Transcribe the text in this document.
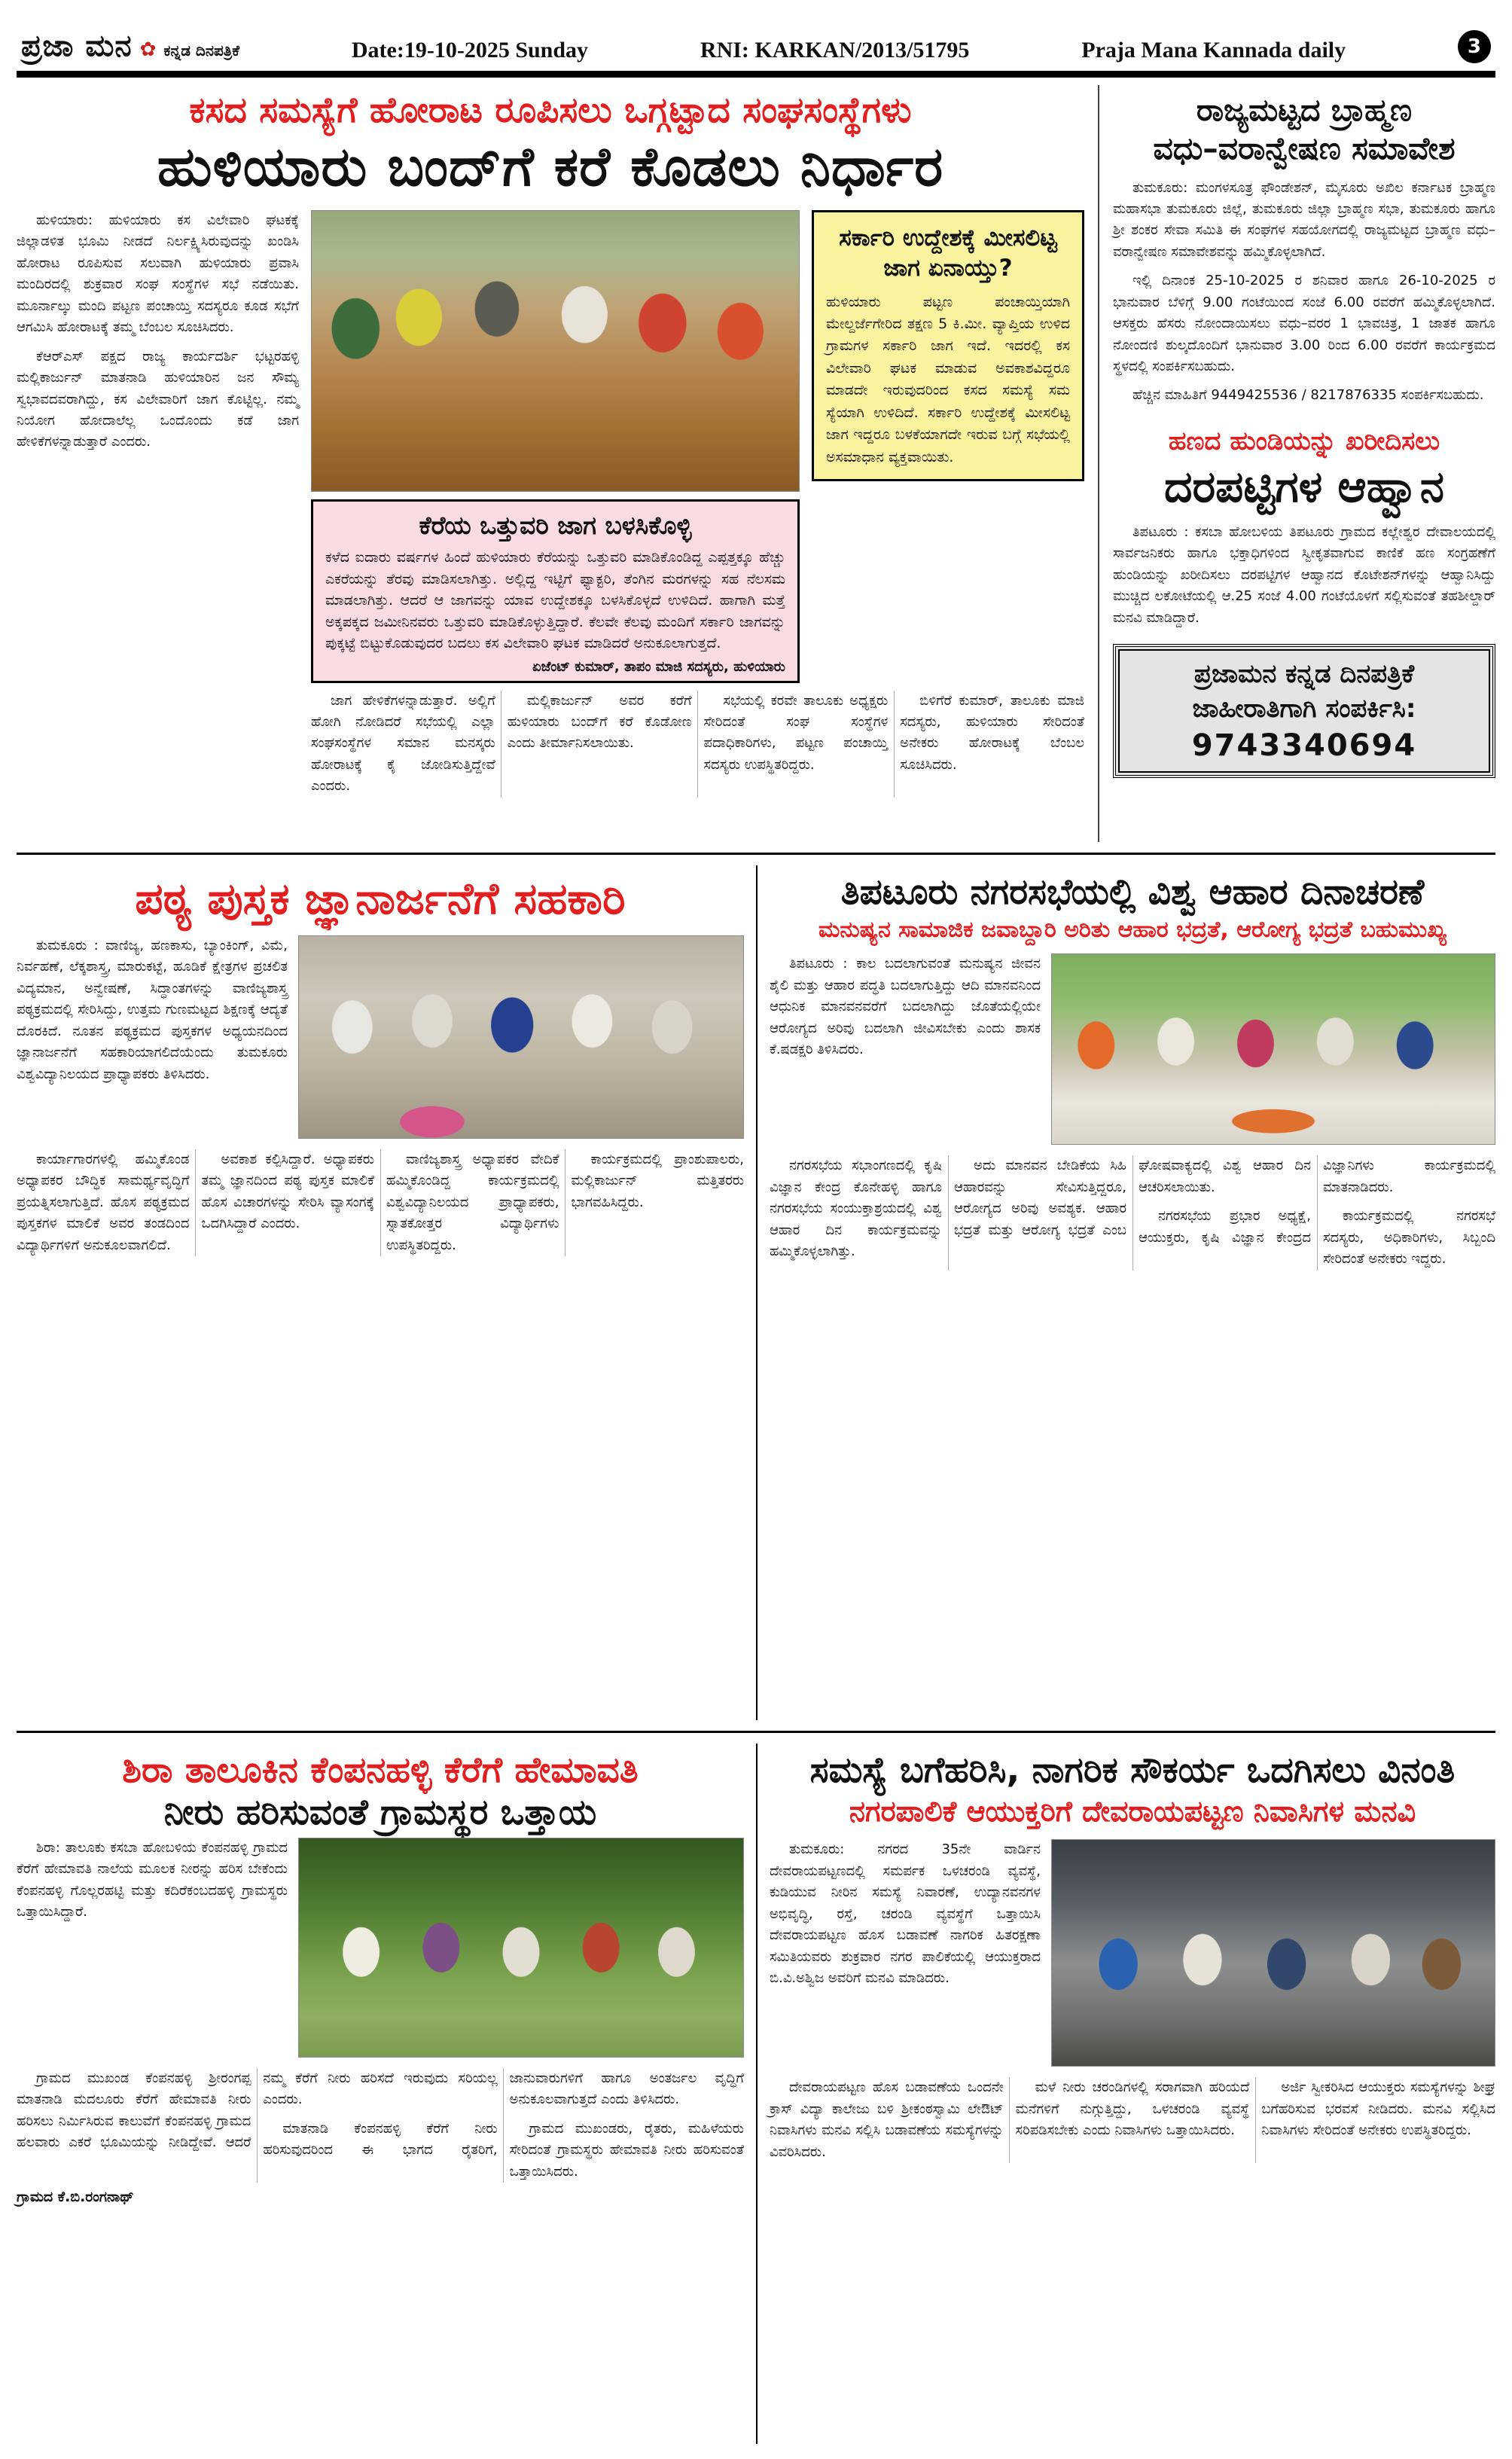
ಪ್ರಜಾ ಮನ ✿ ಕನ್ನಡ ದಿನಪತ್ರಿಕೆ	Date:19-10-2025 Sunday	RNI: KARKAN/2013/51795	Praja Mana Kannada daily	3
ಕಸದ ಸಮಸ್ಯೆಗೆ ಹೋರಾಟ ರೂಪಿಸಲು ಒಗ್ಗಟ್ಟಾದ ಸಂಘಸಂಸ್ಥೆಗಳು
ಹುಳಿಯಾರು ಬಂದ್‌ಗೆ ಕರೆ ಕೊಡಲು ನಿರ್ಧಾರ

ಹುಳಿಯಾರು: ಹುಳಿಯಾರು ಕಸ ವಿಲೇವಾರಿ ಘಟಕಕ್ಕೆ ಜಿಲ್ಲಾಡಳಿತ ಭೂಮಿ ನೀಡದೆ ನಿರ್ಲಕ್ಷ್ಯಿಸಿರುವುದನ್ನು ಖಂಡಿಸಿ ಹೋರಾಟ ರೂಪಿಸುವ ಸಲುವಾಗಿ ಹುಳಿಯಾರು ಪ್ರವಾಸಿ ಮಂದಿರದಲ್ಲಿ ಶುಕ್ರವಾರ ಸಂಘ ಸಂಸ್ಥೆಗಳ ಸಭೆ ನಡೆಯಿತು. ಮೂರ್ನಾಲ್ಕು ಮಂದಿ ಪಟ್ಟಣ ಪಂಚಾಯ್ತಿ ಸದಸ್ಯರೂ ಕೂಡ ಸಭೆಗೆ ಆಗಮಿಸಿ ಹೋರಾಟಕ್ಕೆ ತಮ್ಮ ಬೆಂಬಲ ಸೂಚಿಸಿದರು.

ಕೆಆರ್‌ಎಸ್ ಪಕ್ಷದ ರಾಜ್ಯ ಕಾರ್ಯದರ್ಶಿ ಭಟ್ಟರಹಳ್ಳಿ ಮಲ್ಲಿಕಾರ್ಜುನ್ ಮಾತನಾಡಿ ಹುಳಿಯಾರಿನ ಜನ ಸೌಮ್ಯ ಸ್ವಭಾವದವರಾಗಿದ್ದು, ಕಸ ವಿಲೇವಾರಿಗೆ ಜಾಗ ಕೊಟ್ಟಿಲ್ಲ. ನಮ್ಮ ನಿಯೋಗ ಹೋದಾಲೆಲ್ಲ ಒಂದೊಂದು ಕಡೆ ಜಾಗ ಹೇಳಿಕೆಗಳನ್ನಾಡುತ್ತಾರೆ ಎಂದರು.

ಕೆರೆಯ ಒತ್ತುವರಿ ಜಾಗ ಬಳಸಿಕೊಳ್ಳಿ

ಕಳೆದ ಐದಾರು ವರ್ಷಗಳ ಹಿಂದೆ ಹುಳಿಯಾರು ಕೆರೆಯನ್ನು ಒತ್ತುವರಿ ಮಾಡಿಕೊಂಡಿದ್ದ ಎಪ್ಪತ್ತಕ್ಕೂ ಹೆಚ್ಚು ಎಕರೆಯನ್ನು ತೆರವು ಮಾಡಿಸಲಾಗಿತ್ತು. ಅಲ್ಲಿದ್ದ ಇಟ್ಟಿಗೆ ಫ್ಯಾಕ್ಟರಿ, ತೆಂಗಿನ ಮರಗಳನ್ನು ಸಹ ನೆಲಸಮ ಮಾಡಲಾಗಿತ್ತು. ಆದರೆ ಆ ಜಾಗವನ್ನು ಯಾವ ಉದ್ದೇಶಕ್ಕೂ ಬಳಸಿಕೊಳ್ಳದೆ ಉಳಿದಿದೆ. ಹಾಗಾಗಿ ಮತ್ತೆ ಅಕ್ಕಪಕ್ಕದ ಜಮೀನಿನವರು ಒತ್ತುವರಿ ಮಾಡಿಕೊಳ್ಳುತ್ತಿದ್ದಾರೆ. ಕೆಲವೇ ಕೆಲವು ಮಂದಿಗೆ ಸರ್ಕಾರಿ ಜಾಗವನ್ನು ಪುಕ್ಕಟ್ಟೆ ಬಿಟ್ಟುಕೊಡುವುದರ ಬದಲು ಕಸ ವಿಲೇವಾರಿ ಘಟಕ ಮಾಡಿದರೆ ಅನುಕೂಲಾಗುತ್ತದೆ.

ಏಜೆಂಟ್ ಕುಮಾರ್, ತಾಪಂ ಮಾಜಿ ಸದಸ್ಯರು, ಹುಳಿಯಾರು
ಸರ್ಕಾರಿ ಉದ್ದೇಶಕ್ಕೆ ಮೀಸಲಿಟ್ಟ ಜಾಗ ಏನಾಯ್ತು?

ಹುಳಿಯಾರು ಪಟ್ಟಣ ಪಂಚಾಯ್ತಿಯಾಗಿ ಮೇಲ್ದರ್ಜೆಗೇರಿದ ತಕ್ಷಣ 5 ಕಿ.ಮೀ. ವ್ಯಾಪ್ತಿಯ ಉಳಿದ ಗ್ರಾಮಗಳ ಸರ್ಕಾರಿ ಜಾಗ ಇದೆ. ಇದರಲ್ಲಿ ಕಸ ವಿಲೇವಾರಿ ಘಟಕ ಮಾಡುವ ಅವಕಾಶವಿದ್ದರೂ ಮಾಡದೇ ಇರುವುದರಿಂದ ಕಸದ ಸಮಸ್ಯೆ ಸಮ ಸ್ಯೆಯಾಗಿ ಉಳಿದಿದೆ. ಸರ್ಕಾರಿ ಉದ್ದೇಶಕ್ಕೆ ಮೀಸಲಿಟ್ಟ ಜಾಗ ಇದ್ದರೂ ಬಳಕೆಯಾಗದೇ ಇರುವ ಬಗ್ಗೆ ಸಭೆಯಲ್ಲಿ ಅಸಮಾಧಾನ ವ್ಯಕ್ತವಾಯಿತು.

ಜಾಗ ಹೇಳಿಕೆಗಳನ್ನಾಡುತ್ತಾರೆ. ಅಲ್ಲಿಗೆ ಹೋಗಿ ನೋಡಿದರೆ ಸಭೆಯಲ್ಲಿ ಎಲ್ಲಾ ಸಂಘಸಂಸ್ಥೆಗಳ ಸಮಾನ ಮನಸ್ಕರು ಹೋರಾಟಕ್ಕೆ ಕೈ ಜೋಡಿಸುತ್ತಿದ್ದೇವೆ ಎಂದರು.

ಮಲ್ಲಿಕಾರ್ಜುನ್ ಅವರ ಕರೆಗೆ ಹುಳಿಯಾರು ಬಂದ್‌ಗೆ ಕರೆ ಕೊಡೋಣ ಎಂದು ತೀರ್ಮಾನಿಸಲಾಯಿತು.

ಸಭೆಯಲ್ಲಿ ಕರವೇ ತಾಲೂಕು ಅಧ್ಯಕ್ಷರು ಸೇರಿದಂತೆ ಸಂಘ ಸಂಸ್ಥೆಗಳ ಪದಾಧಿಕಾರಿಗಳು, ಪಟ್ಟಣ ಪಂಚಾಯ್ತಿ ಸದಸ್ಯರು ಉಪಸ್ಥಿತರಿದ್ದರು.

ಬಿಳಿಗೆರೆ ಕುಮಾರ್, ತಾಲೂಕು ಮಾಜಿ ಸದಸ್ಯರು, ಹುಳಿಯಾರು ಸೇರಿದಂತೆ ಅನೇಕರು ಹೋರಾಟಕ್ಕೆ ಬೆಂಬಲ ಸೂಚಿಸಿದರು.

ರಾಜ್ಯಮಟ್ಟದ ಬ್ರಾಹ್ಮಣ
ವಧು–ವರಾನ್ವೇಷಣ ಸಮಾವೇಶ

ತುಮಕೂರು: ಮಂಗಳಸೂತ್ರ ಫೌಂಡೇಶನ್, ಮೈಸೂರು ಅಖಿಲ ಕರ್ನಾಟಕ ಬ್ರಾಹ್ಮಣ ಮಹಾಸಭಾ ತುಮಕೂರು ಜಿಲ್ಲೆ, ತುಮಕೂರು ಜಿಲ್ಲಾ ಬ್ರಾಹ್ಮಣ ಸಭಾ, ತುಮಕೂರು ಹಾಗೂ ಶ್ರೀ ಶಂಕರ ಸೇವಾ ಸಮಿತಿ ಈ ಸಂಘಗಳ ಸಹಯೋಗದಲ್ಲಿ ರಾಜ್ಯಮಟ್ಟದ ಬ್ರಾಹ್ಮಣ ವಧು–ವರಾನ್ವೇಷಣ ಸಮಾವೇಶವನ್ನು ಹಮ್ಮಿಕೊಳ್ಳಲಾಗಿದೆ.

ಇಲ್ಲಿ ದಿನಾಂಕ 25-10-2025 ರ ಶನಿವಾರ ಹಾಗೂ 26-10-2025 ರ ಭಾನುವಾರ ಬೆಳಿಗ್ಗೆ 9.00 ಗಂಟೆಯಿಂದ ಸಂಜೆ 6.00 ರವರೆಗೆ ಹಮ್ಮಿಕೊಳ್ಳಲಾಗಿದೆ. ಆಸಕ್ತರು ಹೆಸರು ನೋಂದಾಯಿಸಲು ವಧು–ವರರ 1 ಭಾವಚಿತ್ರ, 1 ಜಾತಕ ಹಾಗೂ ನೋಂದಣಿ ಶುಲ್ಕದೊಂದಿಗೆ ಭಾನುವಾರ 3.00 ರಿಂದ 6.00 ರವರೆಗೆ ಕಾರ್ಯಕ್ರಮದ ಸ್ಥಳದಲ್ಲಿ ಸಂಪರ್ಕಿಸಬಹುದು.

ಹೆಚ್ಚಿನ ಮಾಹಿತಿಗೆ 9449425536 / 8217876335 ಸಂಪರ್ಕಿಸಬಹುದು.

ಹಣದ ಹುಂಡಿಯನ್ನು ಖರೀದಿಸಲು
ದರಪಟ್ಟಿಗಳ ಆಹ್ವಾನ

ತಿಪಟೂರು : ಕಸಬಾ ಹೋಬಳಿಯ ತಿಪಟೂರು ಗ್ರಾಮದ ಕಲ್ಲೇಶ್ವರ ದೇವಾಲಯದಲ್ಲಿ ಸಾರ್ವಜನಿಕರು ಹಾಗೂ ಭಕ್ತಾಧಿಗಳಿಂದ ಸ್ವೀಕೃತವಾಗುವ ಕಾಣಿಕೆ ಹಣ ಸಂಗ್ರಹಣೆಗೆ ಹುಂಡಿಯನ್ನು ಖರೀದಿಸಲು ದರಪಟ್ಟಿಗಳ ಆಹ್ವಾನದ ಕೊಟೇಶನ್‌ಗಳನ್ನು ಆಹ್ವಾನಿಸಿದ್ದು ಮುಚ್ಚಿದ ಲಕೋಟೆಯಲ್ಲಿ ಆ.25 ಸಂಜೆ 4.00 ಗಂಟೆಯೊಳಗೆ ಸಲ್ಲಿಸುವಂತೆ ತಹಶೀಲ್ದಾರ್ ಮನವಿ ಮಾಡಿದ್ದಾರೆ.

ಪ್ರಜಾಮನ ಕನ್ನಡ ದಿನಪತ್ರಿಕೆ

ಜಾಹೀರಾತಿಗಾಗಿ ಸಂಪರ್ಕಿಸಿ:

9743340694

ಪಠ್ಯ ಪುಸ್ತಕ ಜ್ಞಾನಾರ್ಜನೆಗೆ ಸಹಕಾರಿ

ತುಮಕೂರು : ವಾಣಿಜ್ಯ, ಹಣಕಾಸು, ಬ್ಯಾಂಕಿಂಗ್, ವಿಮೆ, ನಿರ್ವಹಣೆ, ಲೆಕ್ಕಶಾಸ್ತ್ರ, ಮಾರುಕಟ್ಟೆ, ಹೂಡಿಕೆ ಕ್ಷೇತ್ರಗಳ ಪ್ರಚಲಿತ ವಿದ್ಯಮಾನ, ಅನ್ವೇಷಣೆ, ಸಿದ್ಧಾಂತಗಳನ್ನು ವಾಣಿಜ್ಯಶಾಸ್ತ್ರ ಪಠ್ಯಕ್ರಮದಲ್ಲಿ ಸೇರಿಸಿದ್ದು, ಉತ್ತಮ ಗುಣಮಟ್ಟದ ಶಿಕ್ಷಣಕ್ಕೆ ಆದ್ಯತೆ ದೊರಕಿದೆ. ನೂತನ ಪಠ್ಯಕ್ರಮದ ಪುಸ್ತಕಗಳ ಅಧ್ಯಯನದಿಂದ ಜ್ಞಾನಾರ್ಜನೆಗೆ ಸಹಕಾರಿಯಾಗಲಿದೆಯೆಂದು ತುಮಕೂರು ವಿಶ್ವವಿದ್ಯಾನಿಲಯದ ಪ್ರಾಧ್ಯಾಪಕರು ತಿಳಿಸಿದರು.

ಕಾರ್ಯಾಗಾರಗಳಲ್ಲಿ ಹಮ್ಮಿಕೊಂಡ ಅಧ್ಯಾಪಕರ ಬೌದ್ಧಿಕ ಸಾಮರ್ಥ್ಯವೃದ್ಧಿಗೆ ಪ್ರಯತ್ನಿಸಲಾಗುತ್ತಿದೆ. ಹೊಸ ಪಠ್ಯಕ್ರಮದ ಪುಸ್ತಕಗಳ ಮಾಲಿಕೆ ಅವರ ತಂಡದಿಂದ ವಿದ್ಯಾರ್ಥಿಗಳಿಗೆ ಅನುಕೂಲವಾಗಲಿದೆ.

ಅವಕಾಶ ಕಲ್ಪಿಸಿದ್ದಾರೆ. ಅಧ್ಯಾಪಕರು ತಮ್ಮ ಜ್ಞಾನದಿಂದ ಪಠ್ಯ ಪುಸ್ತಕ ಮಾಲಿಕೆ ಹೊಸ ವಿಚಾರಗಳನ್ನು ಸೇರಿಸಿ ವ್ಯಾಸಂಗಕ್ಕೆ ಒದಗಿಸಿದ್ದಾರೆ ಎಂದರು.

ವಾಣಿಜ್ಯಶಾಸ್ತ್ರ ಅಧ್ಯಾಪಕರ ವೇದಿಕೆ ಹಮ್ಮಿಕೊಂಡಿದ್ದ ಕಾರ್ಯಕ್ರಮದಲ್ಲಿ ವಿಶ್ವವಿದ್ಯಾನಿಲಯದ ಪ್ರಾಧ್ಯಾಪಕರು, ಸ್ನಾತಕೋತ್ತರ ವಿದ್ಯಾರ್ಥಿಗಳು ಉಪಸ್ಥಿತರಿದ್ದರು.

ಕಾರ್ಯಕ್ರಮದಲ್ಲಿ ಪ್ರಾಂಶುಪಾಲರು, ಮಲ್ಲಿಕಾರ್ಜುನ್ ಮತ್ತಿತರರು ಭಾಗವಹಿಸಿದ್ದರು.

ತಿಪಟೂರು ನಗರಸಭೆಯಲ್ಲಿ ವಿಶ್ವ ಆಹಾರ ದಿನಾಚರಣೆ
ಮನುಷ್ಯನ ಸಾಮಾಜಿಕ ಜವಾಬ್ದಾರಿ ಅರಿತು ಆಹಾರ ಭದ್ರತೆ, ಆರೋಗ್ಯ ಭದ್ರತೆ ಬಹುಮುಖ್ಯ

ತಿಪಟೂರು : ಕಾಲ ಬದಲಾಗುವಂತೆ ಮನುಷ್ಯನ ಜೀವನ ಶೈಲಿ ಮತ್ತು ಆಹಾರ ಪದ್ಧತಿ ಬದಲಾಗುತ್ತಿದ್ದು ಆದಿ ಮಾನವನಿಂದ ಆಧುನಿಕ ಮಾನವನವರೆಗೆ ಬದಲಾಗಿದ್ದು ಜೊತೆಯಲ್ಲಿಯೇ ಆರೋಗ್ಯದ ಅರಿವು ಬದಲಾಗಿ ಜೀವಿಸಬೇಕು ಎಂದು ಶಾಸಕ ಕೆ.ಷಡಕ್ಷರಿ ತಿಳಿಸಿದರು.

ನಗರಸಭೆಯ ಸಭಾಂಗಣದಲ್ಲಿ ಕೃಷಿ ವಿಜ್ಞಾನ ಕೇಂದ್ರ ಕೊನೇಹಳ್ಳಿ ಹಾಗೂ ನಗರಸಭೆಯ ಸಂಯುಕ್ತಾಶ್ರಯದಲ್ಲಿ ವಿಶ್ವ ಆಹಾರ ದಿನ ಕಾರ್ಯಕ್ರಮವನ್ನು ಹಮ್ಮಿಕೊಳ್ಳಲಾಗಿತ್ತು.

ಅದು ಮಾನವನ ಬೇಡಿಕೆಯ ಸಿಹಿ ಆಹಾರವನ್ನು ಸೇವಿಸುತ್ತಿದ್ದರೂ, ಆರೋಗ್ಯದ ಅರಿವು ಅವಶ್ಯಕ. ಆಹಾರ ಭದ್ರತೆ ಮತ್ತು ಆರೋಗ್ಯ ಭದ್ರತೆ ಎಂಬ ಘೋಷವಾಕ್ಯದಲ್ಲಿ ವಿಶ್ವ ಆಹಾರ ದಿನ ಆಚರಿಸಲಾಯಿತು.

ನಗರಸಭೆಯ ಪ್ರಭಾರ ಅಧ್ಯಕ್ಷೆ, ಆಯುಕ್ತರು, ಕೃಷಿ ವಿಜ್ಞಾನ ಕೇಂದ್ರದ ವಿಜ್ಞಾನಿಗಳು ಕಾರ್ಯಕ್ರಮದಲ್ಲಿ ಮಾತನಾಡಿದರು.

ಕಾರ್ಯಕ್ರಮದಲ್ಲಿ ನಗರಸಭೆ ಸದಸ್ಯರು, ಅಧಿಕಾರಿಗಳು, ಸಿಬ್ಬಂದಿ ಸೇರಿದಂತೆ ಅನೇಕರು ಇದ್ದರು.

ಶಿರಾ ತಾಲೂಕಿನ ಕೆಂಪನಹಳ್ಳಿ ಕೆರೆಗೆ ಹೇಮಾವತಿ
ನೀರು ಹರಿಸುವಂತೆ ಗ್ರಾಮಸ್ಥರ ಒತ್ತಾಯ

ಶಿರಾ: ತಾಲೂಕು ಕಸಬಾ ಹೋಬಳಿಯ ಕೆಂಪನಹಳ್ಳಿ ಗ್ರಾಮದ ಕೆರೆಗೆ ಹೇಮಾವತಿ ನಾಲೆಯ ಮೂಲಕ ನೀರನ್ನು ಹರಿಸ ಬೇಕೆಂದು ಕೆಂಪನಹಳ್ಳಿ ಗೊಲ್ಲರಹಟ್ಟಿ ಮತ್ತು ಕದಿರೆಕಂಬದಹಳ್ಳಿ ಗ್ರಾಮಸ್ಥರು ಒತ್ತಾಯಿಸಿದ್ದಾರೆ.

ಗ್ರಾಮದ ಮುಖಂಡ ಕೆಂಪನಹಳ್ಳಿ ಶ್ರೀರಂಗಪ್ಪ ಮಾತನಾಡಿ ಮದಲೂರು ಕೆರೆಗೆ ಹೇಮಾವತಿ ನೀರು ಹರಿಸಲು ನಿರ್ಮಿಸಿರುವ ಕಾಲುವೆಗೆ ಕೆಂಪನಹಳ್ಳಿ ಗ್ರಾಮದ ಹಲವಾರು ಎಕರೆ ಭೂಮಿಯನ್ನು ನೀಡಿದ್ದೇವೆ. ಆದರೆ ನಮ್ಮ ಕೆರೆಗೆ ನೀರು ಹರಿಸದೆ ಇರುವುದು ಸರಿಯಲ್ಲ ಎಂದರು.

ಮಾತನಾಡಿ ಕೆಂಪನಹಳ್ಳಿ ಕೆರೆಗೆ ನೀರು ಹರಿಸುವುದರಿಂದ ಈ ಭಾಗದ ರೈತರಿಗೆ, ಜಾನುವಾರುಗಳಿಗೆ ಹಾಗೂ ಅಂತರ್ಜಲ ವೃದ್ಧಿಗೆ ಅನುಕೂಲವಾಗುತ್ತದೆ ಎಂದು ತಿಳಿಸಿದರು.

ಗ್ರಾಮದ ಮುಖಂಡರು, ರೈತರು, ಮಹಿಳೆಯರು ಸೇರಿದಂತೆ ಗ್ರಾಮಸ್ಥರು ಹೇಮಾವತಿ ನೀರು ಹರಿಸುವಂತೆ ಒತ್ತಾಯಿಸಿದರು.

ಗ್ರಾಮದ ಕೆ.ಬಿ.ರಂಗನಾಥ್
ಸಮಸ್ಯೆ ಬಗೆಹರಿಸಿ, ನಾಗರಿಕ ಸೌಕರ್ಯ ಒದಗಿಸಲು ವಿನಂತಿ
ನಗರಪಾಲಿಕೆ ಆಯುಕ್ತರಿಗೆ ದೇವರಾಯಪಟ್ಟಣ ನಿವಾಸಿಗಳ ಮನವಿ

ತುಮಕೂರು: ನಗರದ 35ನೇ ವಾರ್ಡಿನ ದೇವರಾಯಪಟ್ಟಣದಲ್ಲಿ ಸಮರ್ಪಕ ಒಳಚರಂಡಿ ವ್ಯವಸ್ಥೆ, ಕುಡಿಯುವ ನೀರಿನ ಸಮಸ್ಯೆ ನಿವಾರಣೆ, ಉದ್ಯಾನವನಗಳ ಅಭಿವೃದ್ಧಿ, ರಸ್ತೆ, ಚರಂಡಿ ವ್ಯವಸ್ಥೆಗೆ ಒತ್ತಾಯಿಸಿ ದೇವರಾಯಪಟ್ಟಣ ಹೊಸ ಬಡಾವಣೆ ನಾಗರಿಕ ಹಿತರಕ್ಷಣಾ ಸಮಿತಿಯವರು ಶುಕ್ರವಾರ ನಗರ ಪಾಲಿಕೆಯಲ್ಲಿ ಆಯುಕ್ತರಾದ ಬಿ.ವಿ.ಅಶ್ವಿಜ ಅವರಿಗೆ ಮನವಿ ಮಾಡಿದರು.

ದೇವರಾಯಪಟ್ಟಣ ಹೊಸ ಬಡಾವಣೆಯ ಒಂದನೇ ಕ್ರಾಸ್ ವಿದ್ಯಾ ಕಾಲೇಜು ಬಳಿ ಶ್ರೀಕಂಠಸ್ವಾಮಿ ಲೇಔಟ್ ನಿವಾಸಿಗಳು ಮನವಿ ಸಲ್ಲಿಸಿ ಬಡಾವಣೆಯ ಸಮಸ್ಯೆಗಳನ್ನು ವಿವರಿಸಿದರು.

ಮಳೆ ನೀರು ಚರಂಡಿಗಳಲ್ಲಿ ಸರಾಗವಾಗಿ ಹರಿಯದೆ ಮನೆಗಳಿಗೆ ನುಗ್ಗುತ್ತಿದ್ದು, ಒಳಚರಂಡಿ ವ್ಯವಸ್ಥೆ ಸರಿಪಡಿಸಬೇಕು ಎಂದು ನಿವಾಸಿಗಳು ಒತ್ತಾಯಿಸಿದರು.

ಅರ್ಜಿ ಸ್ವೀಕರಿಸಿದ ಆಯುಕ್ತರು ಸಮಸ್ಯೆಗಳನ್ನು ಶೀಘ್ರ ಬಗೆಹರಿಸುವ ಭರವಸೆ ನೀಡಿದರು. ಮನವಿ ಸಲ್ಲಿಸಿದ ನಿವಾಸಿಗಳು ಸೇರಿದಂತೆ ಅನೇಕರು ಉಪಸ್ಥಿತರಿದ್ದರು.
